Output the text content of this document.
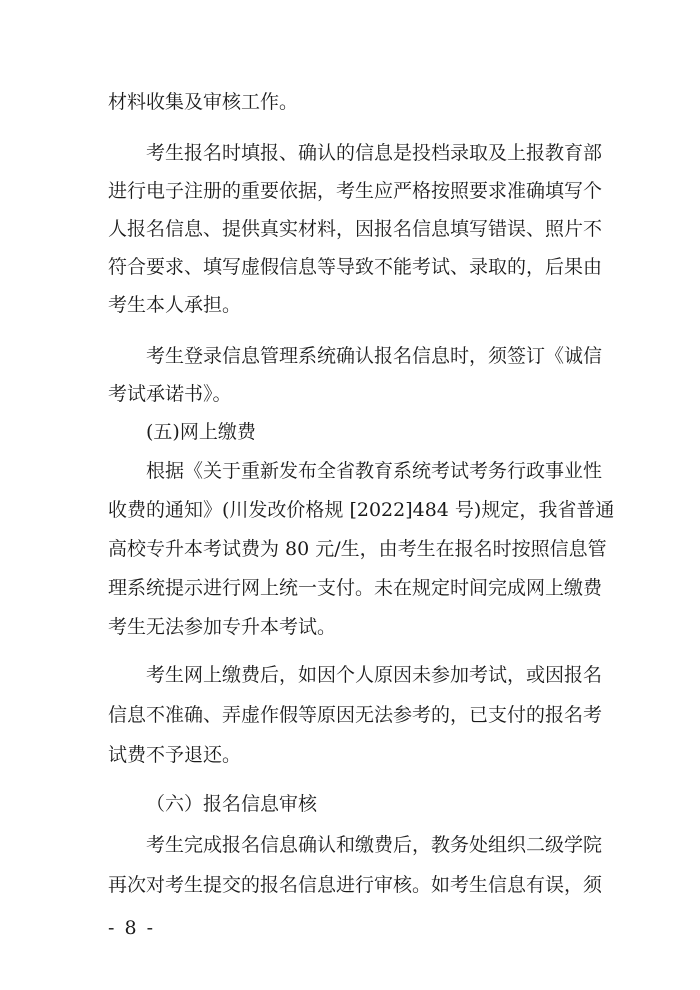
材料收集及审核工作。
考生报名时填报、确认的信息是投档录取及上报教育部
进行电子注册的重要依据，考生应严格按照要求准确填写个
人报名信息、提供真实材料，因报名信息填写错误、照片不
符合要求、填写虚假信息等导致不能考试、录取的，后果由
考生本人承担。
考生登录信息管理系统确认报名信息时，须签订《诚信
考试承诺书》。
(五)网上缴费
根据《关于重新发布全省教育系统考试考务行政事业性
收费的通知》(川发改价格规 [2022]484 号)规定，我省普通
高校专升本考试费为 80 元/生，由考生在报名时按照信息管
理系统提示进行网上统一支付。未在规定时间完成网上缴费
考生无法参加专升本考试。
考生网上缴费后，如因个人原因未参加考试，或因报名
信息不准确、弄虚作假等原因无法参考的，已支付的报名考
试费不予退还。
（六）报名信息审核
考生完成报名信息确认和缴费后，教务处组织二级学院
再次对考生提交的报名信息进行审核。如考生信息有误，须
- 8 -
